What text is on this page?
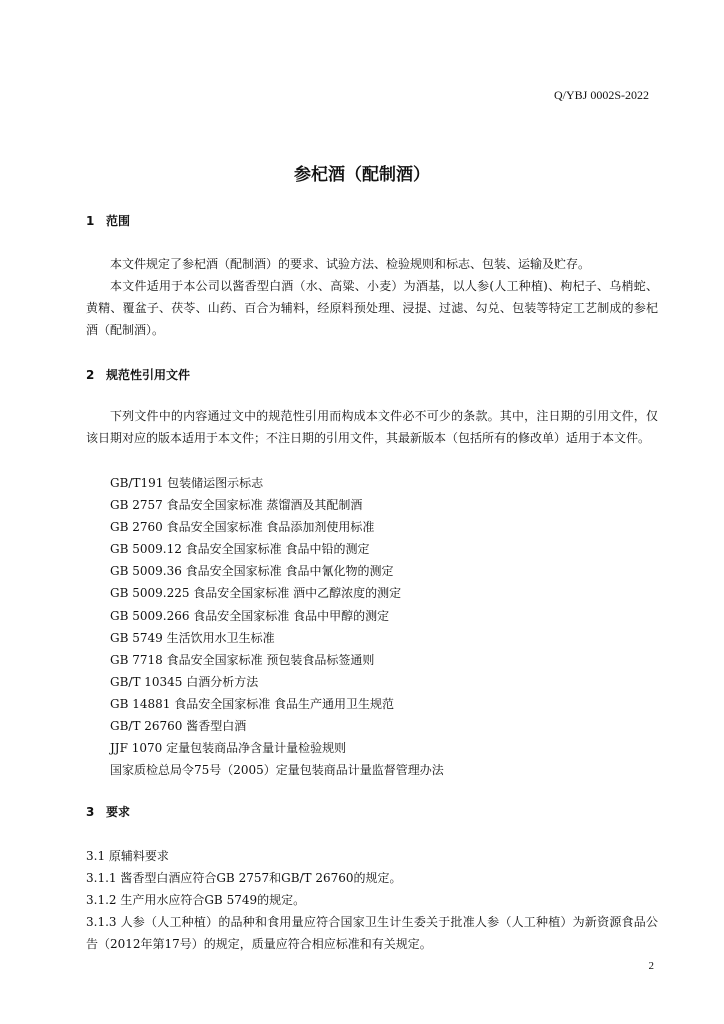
Q/YBJ 0002S-2022
参杞酒（配制酒）
1 范围
本文件规定了参杞酒（配制酒）的要求、试验方法、检验规则和标志、包装、运输及贮存。
本文件适用于本公司以酱香型白酒（水、高粱、小麦）为酒基，以人参(人工种植)、枸杞子、乌梢蛇、黄精、覆盆子、茯苓、山药、百合为辅料，经原料预处理、浸提、过滤、勾兑、包装等特定工艺制成的参杞酒（配制酒）。
2 规范性引用文件
下列文件中的内容通过文中的规范性引用而构成本文件必不可少的条款。其中，注日期的引用文件，仅该日期对应的版本适用于本文件；不注日期的引用文件，其最新版本（包括所有的修改单）适用于本文件。
GB/T191 包装储运图示标志
GB 2757 食品安全国家标准 蒸馏酒及其配制酒
GB 2760 食品安全国家标准 食品添加剂使用标准
GB 5009.12 食品安全国家标准 食品中铅的测定
GB 5009.36 食品安全国家标准 食品中氰化物的测定
GB 5009.225 食品安全国家标准 酒中乙醇浓度的测定
GB 5009.266 食品安全国家标准 食品中甲醇的测定
GB 5749 生活饮用水卫生标准
GB 7718 食品安全国家标准 预包装食品标签通则
GB/T 10345 白酒分析方法
GB 14881 食品安全国家标准 食品生产通用卫生规范
GB/T 26760 酱香型白酒
JJF 1070 定量包装商品净含量计量检验规则
国家质检总局令75号（2005）定量包装商品计量监督管理办法
3 要求
3.1 原辅料要求
3.1.1 酱香型白酒应符合GB 2757和GB/T 26760的规定。
3.1.2 生产用水应符合GB 5749的规定。
3.1.3 人参（人工种植）的品种和食用量应符合国家卫生计生委关于批准人参（人工种植）为新资源食品公告（2012年第17号）的规定，质量应符合相应标准和有关规定。
2
